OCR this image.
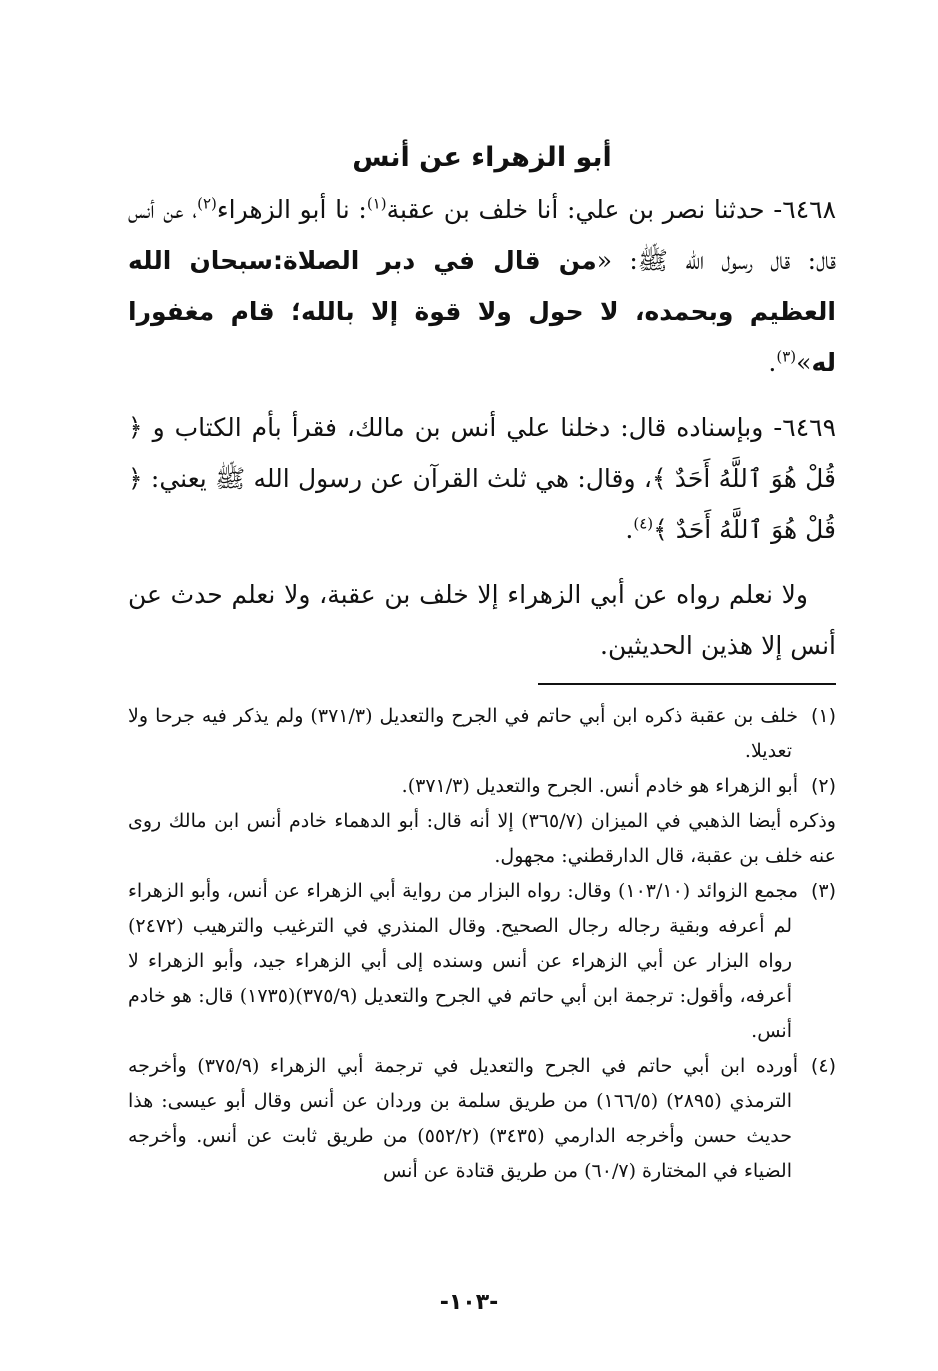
أبو الزهراء عن أنس

٦٤٦٨- حدثنا نصر بن علي: أنا خلف بن عقبة$^{(١)}$: نا أبو الزهراء$^{(٢)}$، عن أنس قال: قال رسول الله ﷺ: «من قال في دبر الصلاة:سبحان الله العظيم وبحمده، لا حول ولا قوة إلا بالله؛ قام مغفورا له»$^{(٣)}$.

٦٤٦٩- وبإسناده قال: دخلنا علي أنس بن مالك، فقرأ بأم الكتاب و ﴿ قُلْ هُوَ ٱللَّهُ أَحَدٌ ﴾، وقال: هي ثلث القرآن عن رسول الله ﷺ يعني: ﴿ قُلْ هُوَ ٱللَّهُ أَحَدٌ ﴾$^{(٤)}$.

ولا نعلم رواه عن أبي الزهراء إلا خلف بن عقبة، ولا نعلم حدث عن أنس إلا هذين الحديثين.

(١)خلف بن عقبة ذكره ابن أبي حاتم في الجرح والتعديل (٣٧١/٣) ولم يذكر فيه جرحا ولا تعديلا.

(٢)أبو الزهراء هو خادم أنس. الجرح والتعديل (٣٧١/٣).

وذكره أيضا الذهبي في الميزان (٣٦٥/٧) إلا أنه قال: أبو الدهماء خادم أنس ابن مالك روى عنه خلف بن عقبة، قال الدارقطني: مجهول.

(٣)مجمع الزوائد (١٠٣/١٠) وقال: رواه البزار من رواية أبي الزهراء عن أنس، وأبو الزهراء لم أعرفه وبقية رجاله رجال الصحيح. وقال المنذري في الترغيب والترهيب (٢٤٧٢) رواه البزار عن أبي الزهراء عن أنس وسنده إلى أبي الزهراء جيد، وأبو الزهراء لا أعرفه، وأقول: ترجمة ابن أبي حاتم في الجرح والتعديل (٣٧٥/٩)(١٧٣٥) قال: هو خادم أنس.

(٤)أورده ابن أبي حاتم في الجرح والتعديل في ترجمة أبي الزهراء (٣٧٥/٩) وأخرجه الترمذي (٢٨٩٥) (١٦٦/٥) من طريق سلمة بن وردان عن أنس وقال أبو عيسى: هذا حديث حسن وأخرجه الدارمي (٣٤٣٥) (٥٥٢/٢) من طريق ثابت عن أنس. وأخرجه الضياء في المختارة (٦٠/٧) من طريق قتادة عن أنس

-١٠٣-
